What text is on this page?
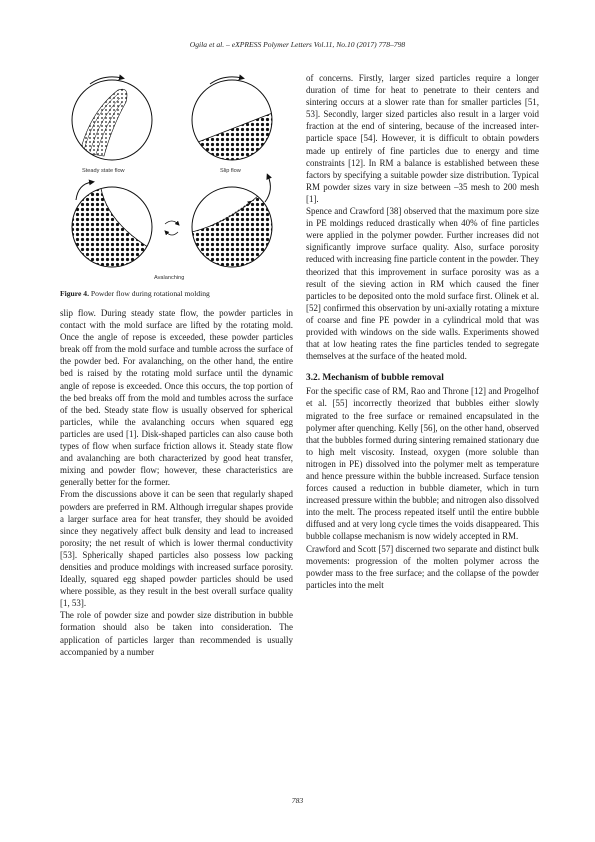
Ogila et al. – eXPRESS Polymer Letters Vol.11, No.10 (2017) 778–798
Steady state flow	Slip flow
Avalanching
Figure 4. Powder flow during rotational molding

slip flow. During steady state flow, the powder particles in contact with the mold surface are lifted by the rotating mold. Once the angle of repose is exceeded, these powder particles break off from the mold surface and tumble across the surface of the powder bed. For avalanching, on the other hand, the entire bed is raised by the rotating mold surface until the dynamic angle of repose is exceeded. Once this occurs, the top portion of the bed breaks off from the mold and tumbles across the surface of the bed. Steady state flow is usually observed for spherical particles, while the avalanching occurs when squared egg particles are used [1]. Disk-shaped particles can also cause both types of flow when surface friction allows it. Steady state flow and avalanching are both characterized by good heat transfer, mixing and powder flow; however, these characteristics are generally better for the former.

From the discussions above it can be seen that regularly shaped powders are preferred in RM. Although irregular shapes provide a larger surface area for heat transfer, they should be avoided since they negatively affect bulk density and lead to increased porosity; the net result of which is lower thermal conductivity [53]. Spherically shaped particles also possess low packing densities and produce moldings with increased surface porosity. Ideally, squared egg shaped powder particles should be used where possible, as they result in the best overall surface quality [1, 53].

The role of powder size and powder size distribution in bubble formation should also be taken into consideration. The application of particles larger than recommended is usually accompanied by a number

of concerns. Firstly, larger sized particles require a longer duration of time for heat to penetrate to their centers and sintering occurs at a slower rate than for smaller particles [51, 53]. Secondly, larger sized particles also result in a larger void fraction at the end of sintering, because of the increased inter-particle space [54]. However, it is difficult to obtain powders made up entirely of fine particles due to energy and time constraints [12]. In RM a balance is established between these factors by specifying a suitable powder size distribution. Typical RM powder sizes vary in size between –35 mesh to 200 mesh [1].

Spence and Crawford [38] observed that the maximum pore size in PE moldings reduced drastically when 40% of fine particles were applied in the polymer powder. Further increases did not significantly improve surface quality. Also, surface porosity reduced with increasing fine particle content in the powder. They theorized that this improvement in surface porosity was as a result of the sieving action in RM which caused the finer particles to be deposited onto the mold surface first. Olinek et al. [52] confirmed this observation by uni-axially rotating a mixture of coarse and fine PE powder in a cylindrical mold that was provided with windows on the side walls. Experiments showed that at low heating rates the fine particles tended to segregate themselves at the surface of the heated mold.

3.2. Mechanism of bubble removal

For the specific case of RM, Rao and Throne [12] and Progelhof et al. [55] incorrectly theorized that bubbles either slowly migrated to the free surface or remained encapsulated in the polymer after quenching. Kelly [56], on the other hand, observed that the bubbles formed during sintering remained stationary due to high melt viscosity. Instead, oxygen (more soluble than nitrogen in PE) dissolved into the polymer melt as temperature and hence pressure within the bubble increased. Surface tension forces caused a reduction in bubble diameter, which in turn increased pressure within the bubble; and nitrogen also dissolved into the melt. The process repeated itself until the entire bubble diffused and at very long cycle times the voids disappeared. This bubble collapse mechanism is now widely accepted in RM.

Crawford and Scott [57] discerned two separate and distinct bulk movements: progression of the molten polymer across the powder mass to the free surface; and the collapse of the powder particles into the melt

783
